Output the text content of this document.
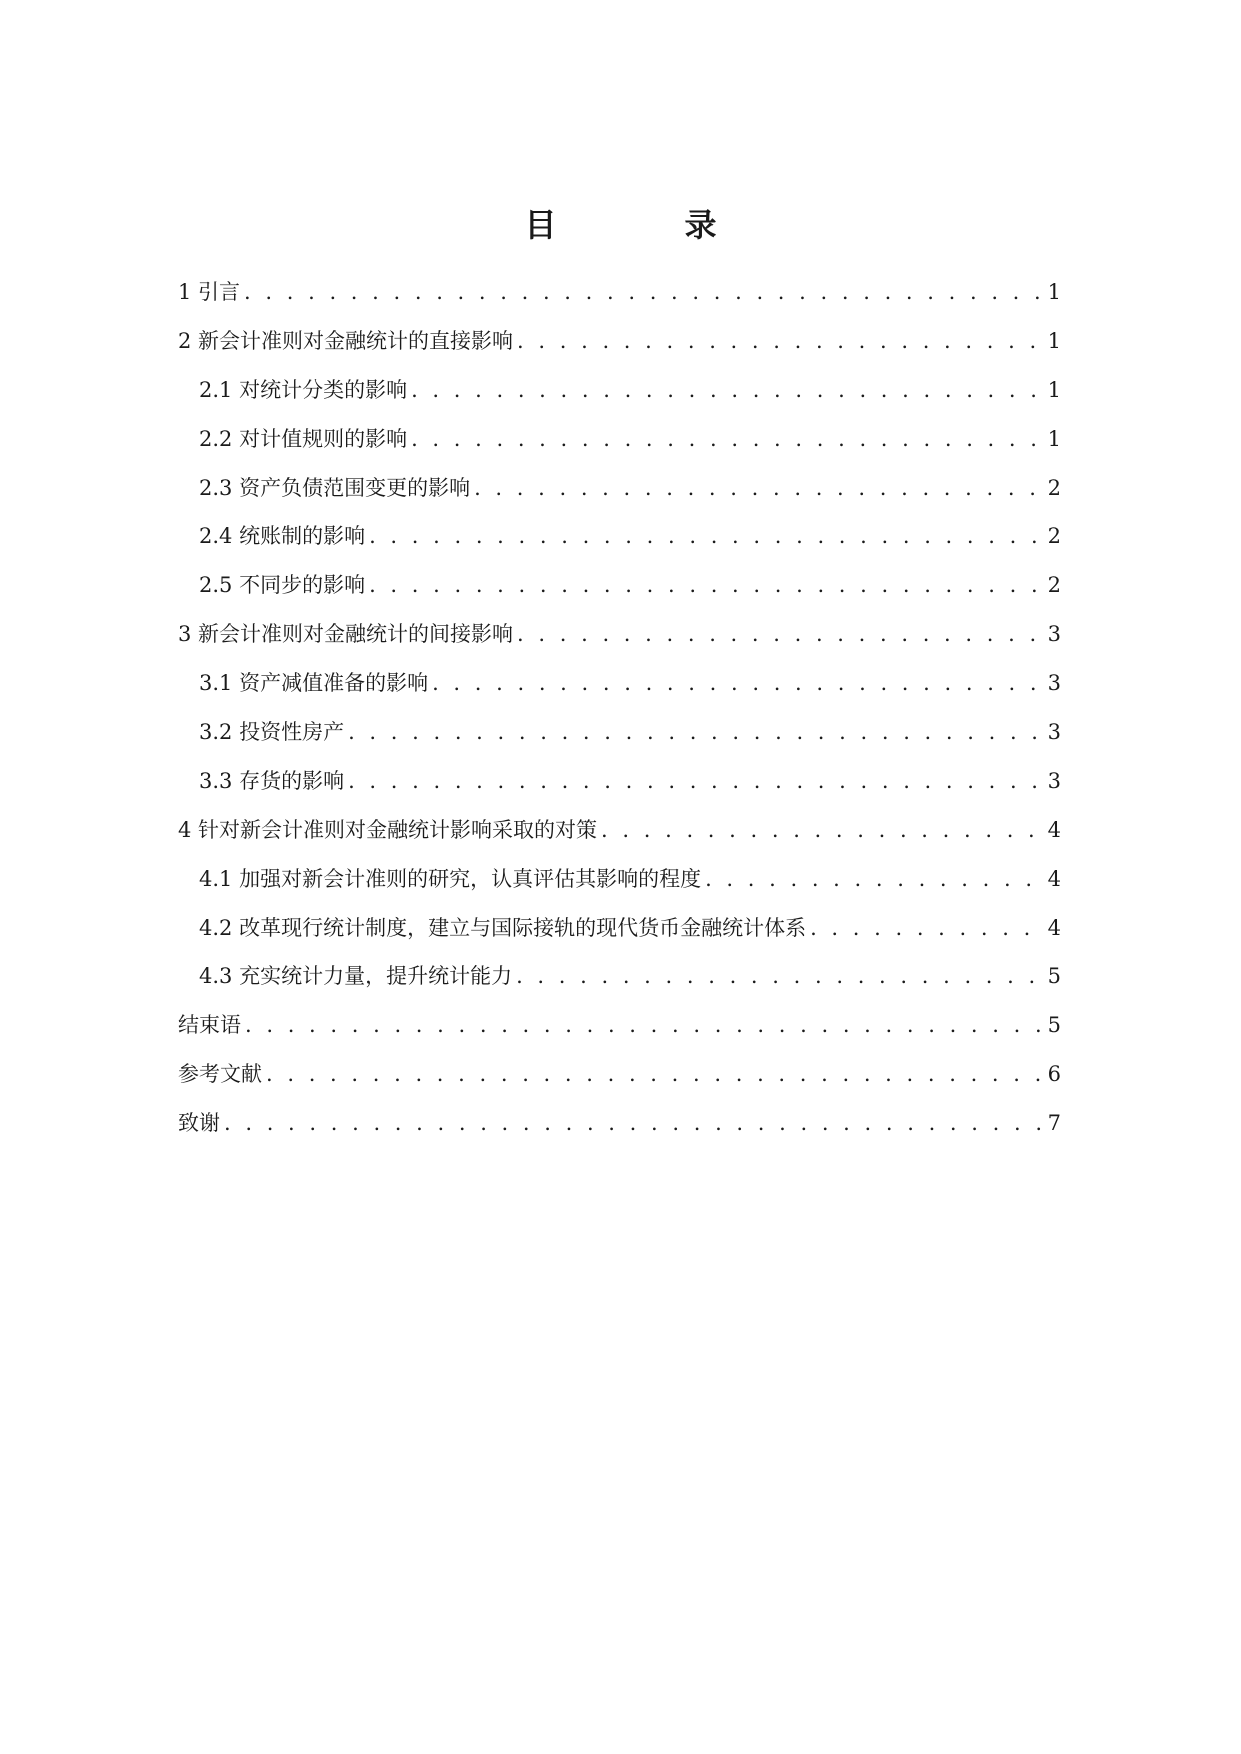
目　录
1 引言 . . .	1
2 新会计准则对金融统计的直接影响 . . .	1
2.1 对统计分类的影响 . . .	1
2.2 对计值规则的影响 . . .	1
2.3 资产负债范围变更的影响 . . .	2
2.4 统账制的影响 . . .	2
2.5 不同步的影响 . . .	2
3 新会计准则对金融统计的间接影响 . . .	3
3.1 资产减值准备的影响 . . .	3
3.2 投资性房产 . . .	3
3.3 存货的影响 . . .	3
4 针对新会计准则对金融统计影响采取的对策 . . .	4
4.1 加强对新会计准则的研究，认真评估其影响的程度 . . .	4
4.2 改革现行统计制度，建立与国际接轨的现代货币金融统计体系 . . .	4
4.3 充实统计力量，提升统计能力 . . .	5
结束语 . . .	5
参考文献 . . .	6
致谢 . . .	7
